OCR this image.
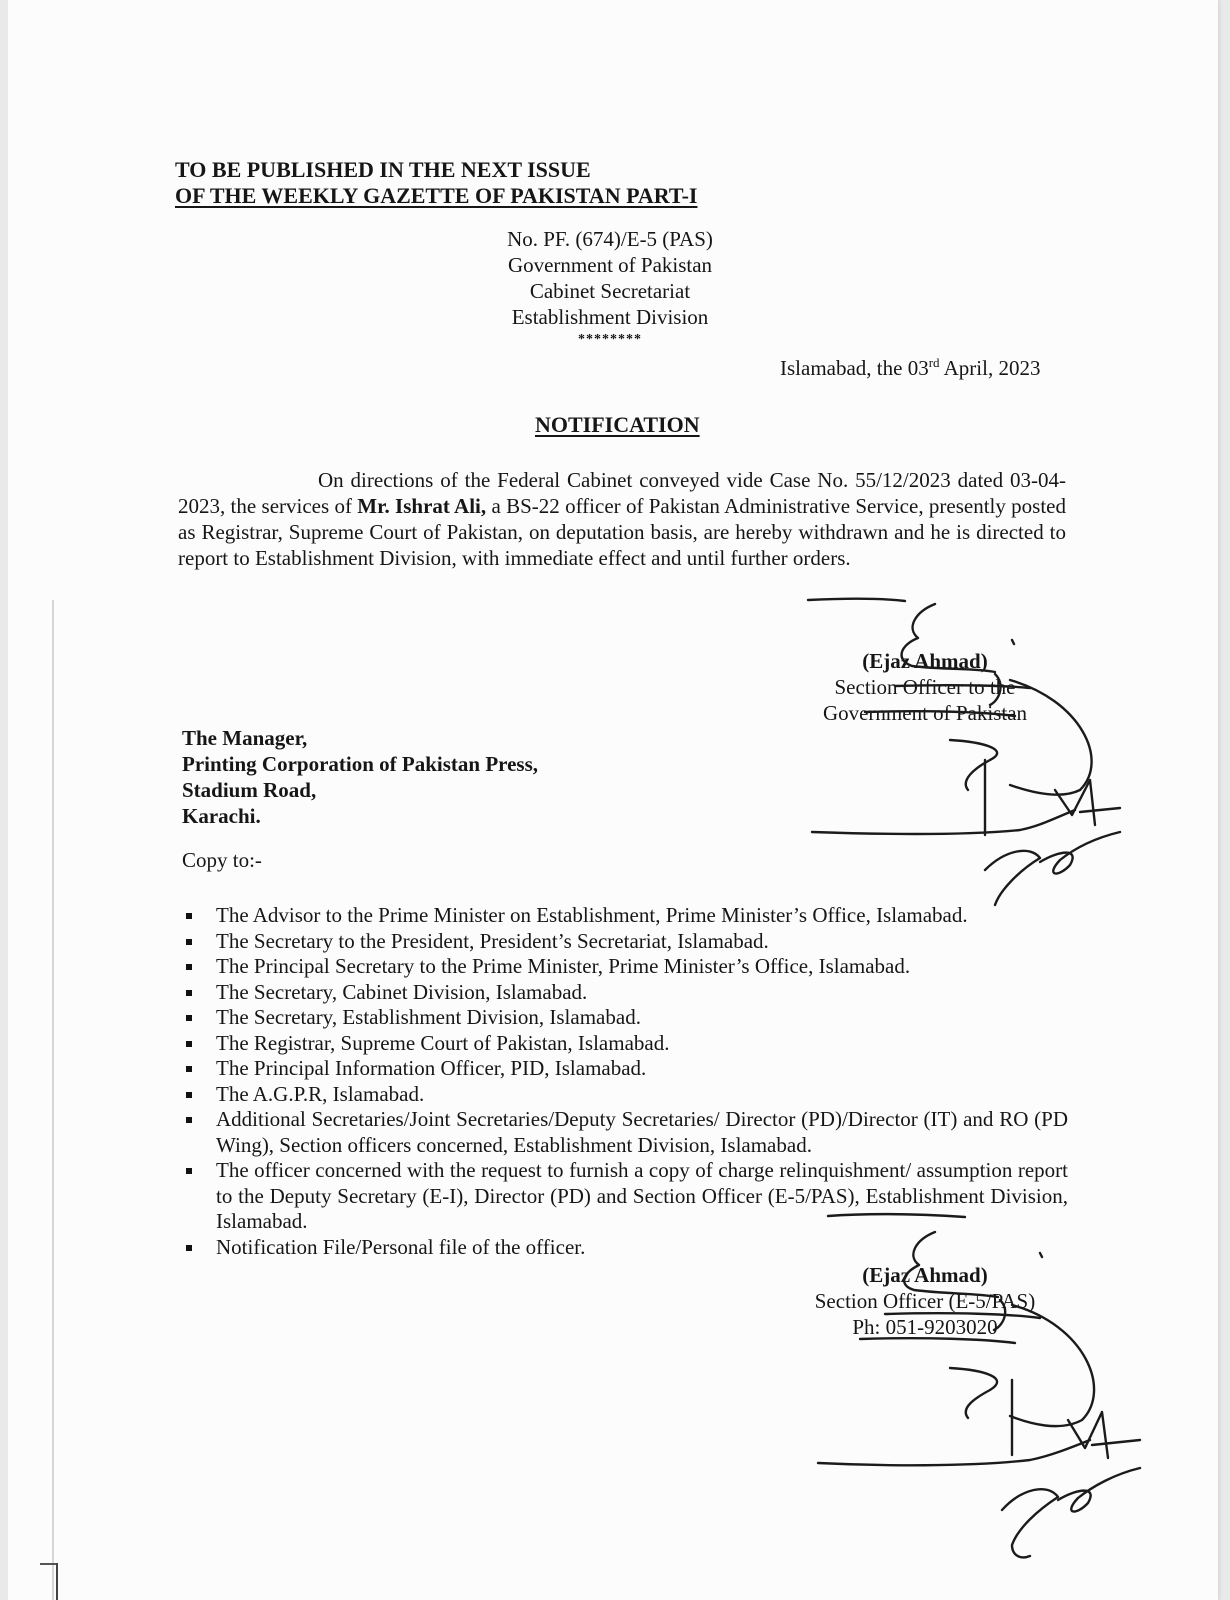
TO BE PUBLISHED IN THE NEXT ISSUE
OF THE WEEKLY GAZETTE OF PAKISTAN PART-I
No. PF. (674)/E-5 (PAS)
Government of Pakistan
Cabinet Secretariat
Establishment Division
********
Islamabad, the 03rd April, 2023
NOTIFICATION
On directions of the Federal Cabinet conveyed vide Case No. 55/12/2023 dated 03-04-2023, the services of Mr. Ishrat Ali, a BS-22 officer of Pakistan Administrative Service, presently posted as Registrar, Supreme Court of Pakistan, on deputation basis, are hereby withdrawn and he is directed to report to Establishment Division, with immediate effect and until further orders.
(Ejaz Ahmad)
Section Officer to the
Government of Pakistan
The Manager,
Printing Corporation of Pakistan Press,
Stadium Road,
Karachi.
Copy to:-
The Advisor to the Prime Minister on Establishment, Prime Minister’s Office, Islamabad.
The Secretary to the President, President’s Secretariat, Islamabad.
The Principal Secretary to the Prime Minister, Prime Minister’s Office, Islamabad.
The Secretary, Cabinet Division, Islamabad.
The Secretary, Establishment Division, Islamabad.
The Registrar, Supreme Court of Pakistan, Islamabad.
The Principal Information Officer, PID, Islamabad.
The A.G.P.R, Islamabad.
Additional Secretaries/Joint Secretaries/Deputy Secretaries/ Director (PD)/Director (IT) and RO (PD Wing), Section officers concerned, Establishment Division, Islamabad.
The officer concerned with the request to furnish a copy of charge relinquishment/ assumption report to the Deputy Secretary (E-I), Director (PD) and Section Officer (E-5/PAS), Establishment Division, Islamabad.
Notification File/Personal file of the officer.
(Ejaz Ahmad)
Section Officer (E-5/PAS)
Ph: 051-9203020
